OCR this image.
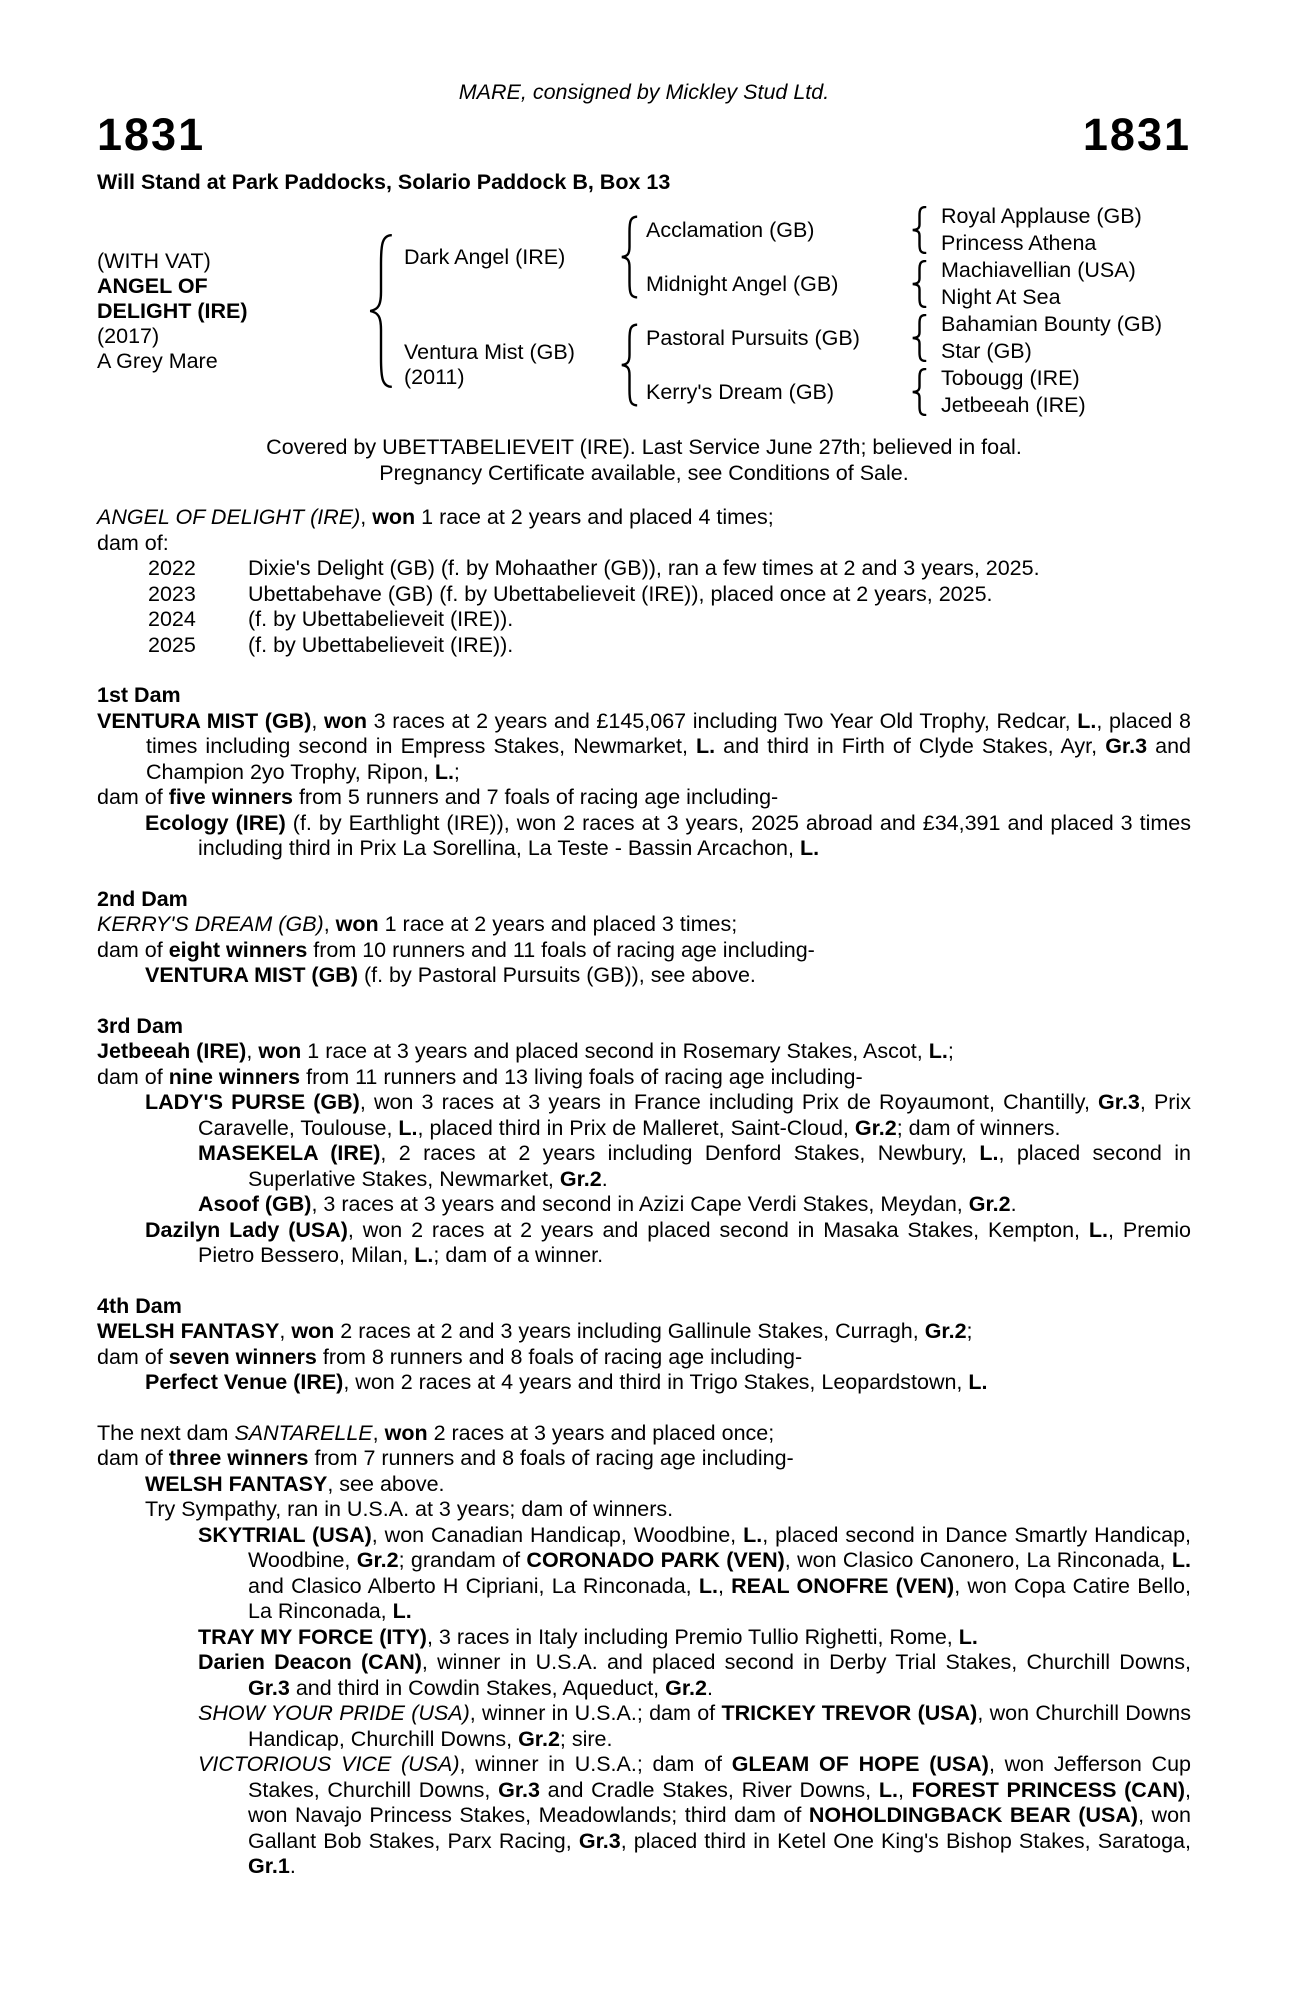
MARE, consigned by Mickley Stud Ltd.
1831	1831
Will Stand at Park Paddocks, Solario Paddock B, Box 13
(WITH VAT)
ANGEL OF
DELIGHT (IRE)
(2017)
A Grey Mare
Dark Angel (IRE)
Ventura Mist (GB)
(2011)
Acclamation (GB)
Midnight Angel (GB)
Pastoral Pursuits (GB)
Kerry's Dream (GB)
Royal Applause (GB)
Princess Athena
Machiavellian (USA)
Night At Sea
Bahamian Bounty (GB)
Star (GB)
Tobougg (IRE)
Jetbeeah (IRE)
Covered by UBETTABELIEVEIT (IRE). Last Service June 27th; believed in foal.
Pregnancy Certificate available, see Conditions of Sale.
ANGEL OF DELIGHT (IRE), won 1 race at 2 years and placed 4 times;
dam of:
2022	Dixie's Delight (GB) (f. by Mohaather (GB)), ran a few times at 2 and 3 years, 2025.
2023	Ubettabehave (GB) (f. by Ubettabelieveit (IRE)), placed once at 2 years, 2025.
2024	(f. by Ubettabelieveit (IRE)).
2025	(f. by Ubettabelieveit (IRE)).
1st Dam
VENTURA MIST (GB), won 3 races at 2 years and £145,067 including Two Year Old Trophy, Redcar, L., placed 8 times including second in Empress Stakes, Newmarket, L. and third in Firth of Clyde Stakes, Ayr, Gr.3 and Champion 2yo Trophy, Ripon, L.;
dam of five winners from 5 runners and 7 foals of racing age including-
Ecology (IRE) (f. by Earthlight (IRE)), won 2 races at 3 years, 2025 abroad and £34,391 and placed 3 times including third in Prix La Sorellina, La Teste - Bassin Arcachon, L.
2nd Dam
KERRY'S DREAM (GB), won 1 race at 2 years and placed 3 times;
dam of eight winners from 10 runners and 11 foals of racing age including-
VENTURA MIST (GB) (f. by Pastoral Pursuits (GB)), see above.
3rd Dam
Jetbeeah (IRE), won 1 race at 3 years and placed second in Rosemary Stakes, Ascot, L.;
dam of nine winners from 11 runners and 13 living foals of racing age including-
LADY'S PURSE (GB), won 3 races at 3 years in France including Prix de Royaumont, Chantilly, Gr.3, Prix Caravelle, Toulouse, L., placed third in Prix de Malleret, Saint-Cloud, Gr.2; dam of winners.
MASEKELA (IRE), 2 races at 2 years including Denford Stakes, Newbury, L., placed second in Superlative Stakes, Newmarket, Gr.2.
Asoof (GB), 3 races at 3 years and second in Azizi Cape Verdi Stakes, Meydan, Gr.2.
Dazilyn Lady (USA), won 2 races at 2 years and placed second in Masaka Stakes, Kempton, L., Premio Pietro Bessero, Milan, L.; dam of a winner.
4th Dam
WELSH FANTASY, won 2 races at 2 and 3 years including Gallinule Stakes, Curragh, Gr.2;
dam of seven winners from 8 runners and 8 foals of racing age including-
Perfect Venue (IRE), won 2 races at 4 years and third in Trigo Stakes, Leopardstown, L.
The next dam SANTARELLE, won 2 races at 3 years and placed once;
dam of three winners from 7 runners and 8 foals of racing age including-
WELSH FANTASY, see above.
Try Sympathy, ran in U.S.A. at 3 years; dam of winners.
SKYTRIAL (USA), won Canadian Handicap, Woodbine, L., placed second in Dance Smartly Handicap, Woodbine, Gr.2; grandam of CORONADO PARK (VEN), won Clasico Canonero, La Rinconada, L. and Clasico Alberto H Cipriani, La Rinconada, L., REAL ONOFRE (VEN), won Copa Catire Bello, La Rinconada, L.
TRAY MY FORCE (ITY), 3 races in Italy including Premio Tullio Righetti, Rome, L.
Darien Deacon (CAN), winner in U.S.A. and placed second in Derby Trial Stakes, Churchill Downs, Gr.3 and third in Cowdin Stakes, Aqueduct, Gr.2.
SHOW YOUR PRIDE (USA), winner in U.S.A.; dam of TRICKEY TREVOR (USA), won Churchill Downs Handicap, Churchill Downs, Gr.2; sire.
VICTORIOUS VICE (USA), winner in U.S.A.; dam of GLEAM OF HOPE (USA), won Jefferson Cup Stakes, Churchill Downs, Gr.3 and Cradle Stakes, River Downs, L., FOREST PRINCESS (CAN), won Navajo Princess Stakes, Meadowlands; third dam of NOHOLDINGBACK BEAR (USA), won Gallant Bob Stakes, Parx Racing, Gr.3, placed third in Ketel One King's Bishop Stakes, Saratoga, Gr.1.
